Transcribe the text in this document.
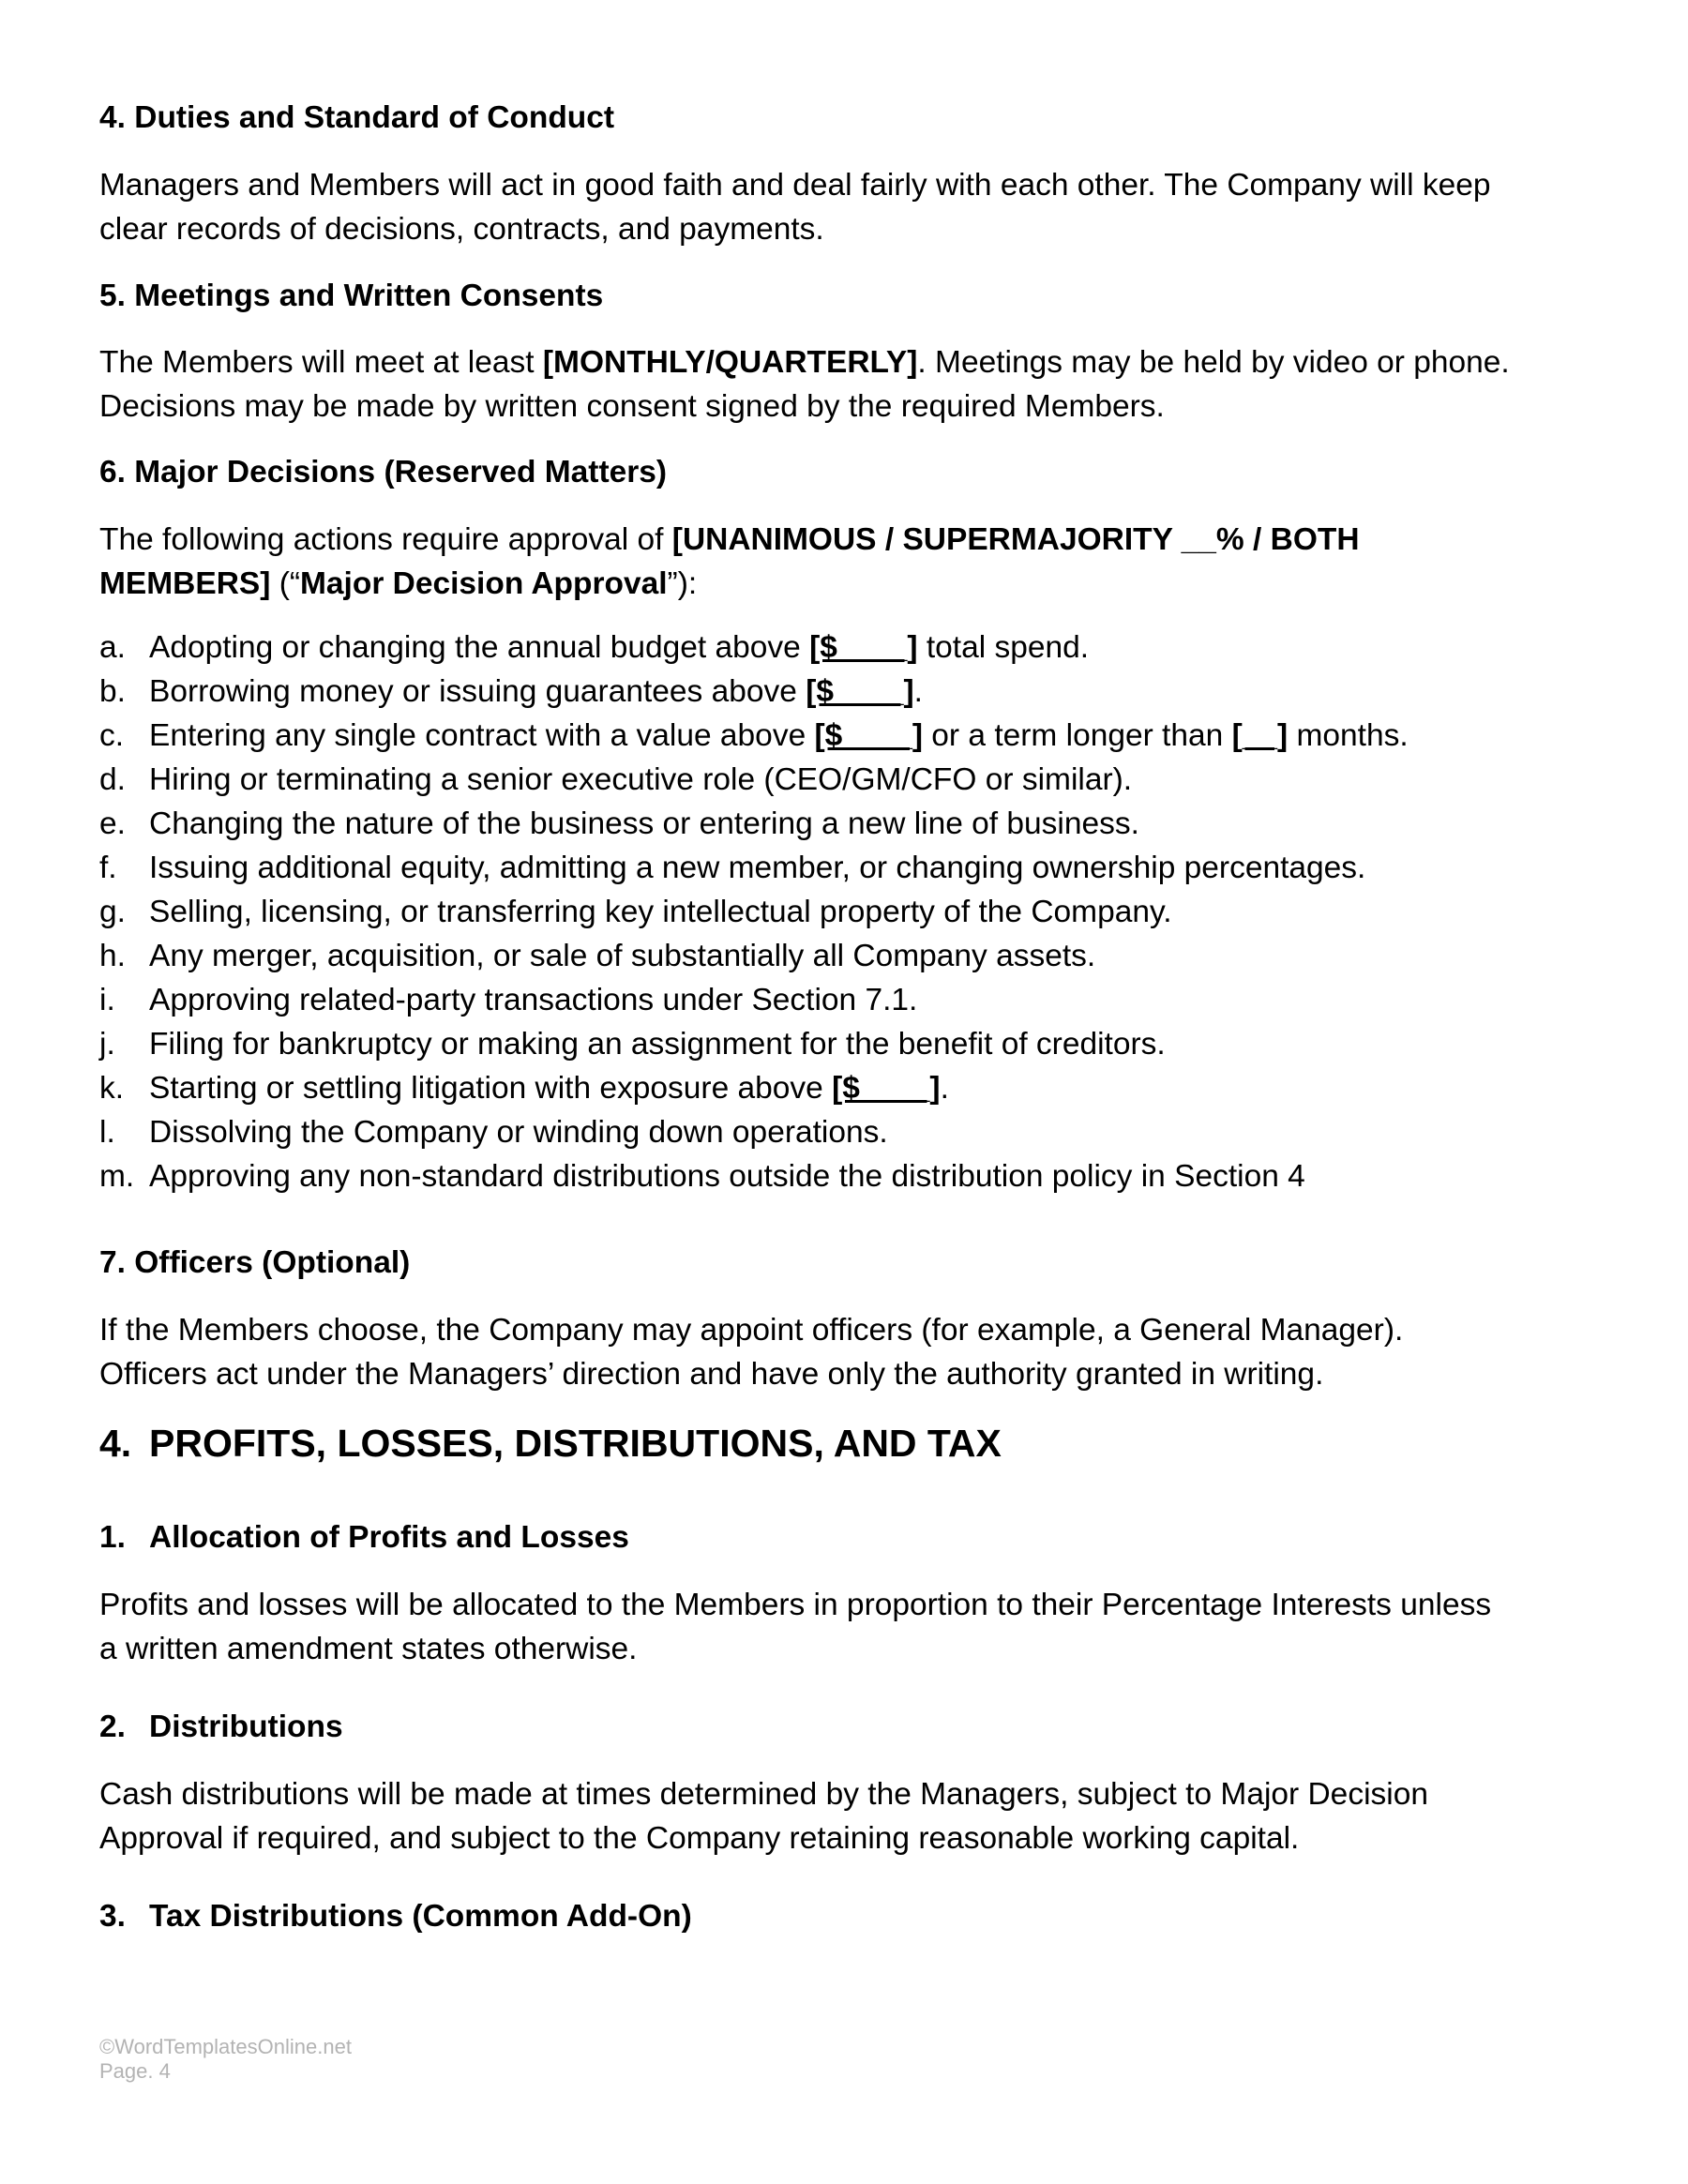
4. Duties and Standard of Conduct
Managers and Members will act in good faith and deal fairly with each other. The Company will keep
clear records of decisions, contracts, and payments.
5. Meetings and Written Consents
The Members will meet at least [MONTHLY/QUARTERLY]. Meetings may be held by video or phone.
Decisions may be made by written consent signed by the required Members.
6. Major Decisions (Reserved Matters)
The following actions require approval of [UNANIMOUS / SUPERMAJORITY __% / BOTH
MEMBERS] (“Major Decision Approval”):
a. Adopting or changing the annual budget above [$____] total spend.
b. Borrowing money or issuing guarantees above [$____].
c. Entering any single contract with a value above [$____] or a term longer than [__] months.
d. Hiring or terminating a senior executive role (CEO/GM/CFO or similar).
e. Changing the nature of the business or entering a new line of business.
f. Issuing additional equity, admitting a new member, or changing ownership percentages.
g. Selling, licensing, or transferring key intellectual property of the Company.
h. Any merger, acquisition, or sale of substantially all Company assets.
i. Approving related-party transactions under Section 7.1.
j. Filing for bankruptcy or making an assignment for the benefit of creditors.
k. Starting or settling litigation with exposure above [$____].
l. Dissolving the Company or winding down operations.
m. Approving any non-standard distributions outside the distribution policy in Section 4
7. Officers (Optional)
If the Members choose, the Company may appoint officers (for example, a General Manager).
Officers act under the Managers’ direction and have only the authority granted in writing.
4. PROFITS, LOSSES, DISTRIBUTIONS, AND TAX
1. Allocation of Profits and Losses
Profits and losses will be allocated to the Members in proportion to their Percentage Interests unless
a written amendment states otherwise.
2. Distributions
Cash distributions will be made at times determined by the Managers, subject to Major Decision
Approval if required, and subject to the Company retaining reasonable working capital.
3. Tax Distributions (Common Add-On)
©WordTemplatesOnline.net
Page. 4
